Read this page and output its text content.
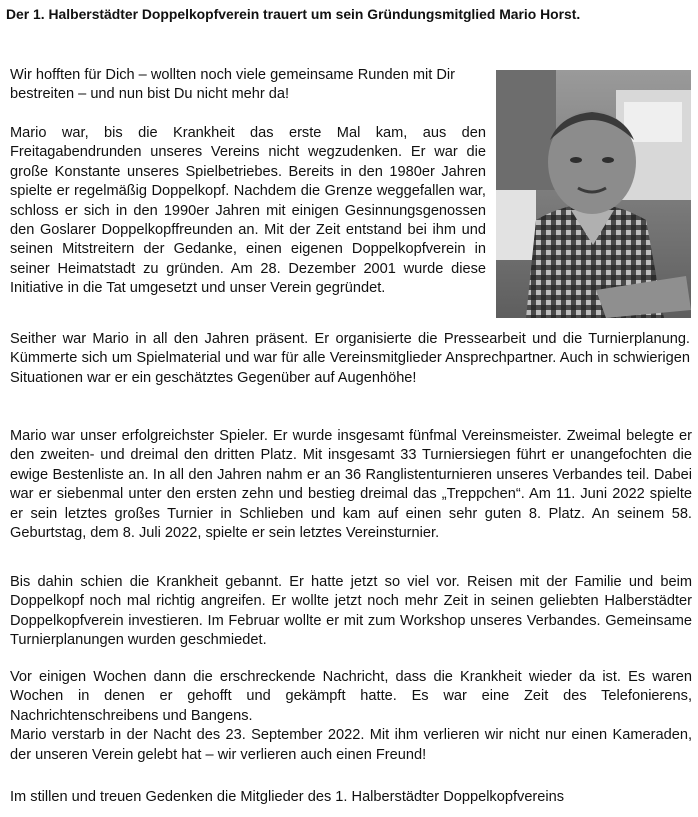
Der 1. Halberstädter Doppelkopfverein trauert um sein Gründungsmitglied Mario Horst.

Wir hofften für Dich – wollten noch viele gemeinsame Runden mit Dir bestreiten – und nun bist Du nicht mehr da!

Mario war, bis die Krankheit das erste Mal kam, aus den Freitagabendrunden unseres Vereins nicht wegzudenken. Er war die große Konstante unseres Spielbetriebes. Bereits in den 1980er Jahren spielte er regelmäßig Doppelkopf. Nachdem die Grenze weggefallen war, schloss er sich in den 1990er Jahren mit einigen Gesinnungsgenossen den Goslarer Doppelkopffreunden an. Mit der Zeit entstand bei ihm und seinen Mitstreitern der Gedanke, einen eigenen Doppelkopfverein in seiner Heimatstadt zu gründen. Am 28. Dezember 2001 wurde diese Initiative in die Tat umgesetzt und unser Verein gegründet.

Seither war Mario in all den Jahren präsent. Er organisierte die Pressearbeit und die Turnierplanung. Kümmerte sich um Spielmaterial und war für alle Vereinsmitglieder Ansprechpartner. Auch in schwierigen Situationen war er ein geschätztes Gegenüber auf Augenhöhe!

Mario war unser erfolgreichster Spieler. Er wurde insgesamt fünfmal Vereinsmeister. Zweimal belegte er den zweiten- und dreimal den dritten Platz. Mit insgesamt 33 Turniersiegen führt er unangefochten die ewige Bestenliste an. In all den Jahren nahm er an 36 Ranglistenturnieren unseres Verbandes teil. Dabei war er siebenmal unter den ersten zehn und bestieg dreimal das „Treppchen“. Am 11. Juni 2022 spielte er sein letztes großes Turnier in Schlieben und kam auf einen sehr guten 8. Platz. An seinem 58. Geburtstag, dem 8. Juli 2022, spielte er sein letztes Vereinsturnier.

Bis dahin schien die Krankheit gebannt. Er hatte jetzt so viel vor. Reisen mit der Familie und beim Doppelkopf noch mal richtig angreifen. Er wollte jetzt noch mehr Zeit in seinen geliebten Halberstädter Doppelkopfverein investieren. Im Februar wollte er mit zum Workshop unseres Verbandes. Gemeinsame Turnierplanungen wurden geschmiedet.

Vor einigen Wochen dann die erschreckende Nachricht, dass die Krankheit wieder da ist. Es waren Wochen in denen er gehofft und gekämpft hatte. Es war eine Zeit des Telefonierens, Nachrichtenschreibens und Bangens.
Mario verstarb in der Nacht des 23. September 2022. Mit ihm verlieren wir nicht nur einen Kameraden, der unseren Verein gelebt hat – wir verlieren auch einen Freund!

Im stillen und treuen Gedenken die Mitglieder des 1. Halberstädter Doppelkopfvereins
